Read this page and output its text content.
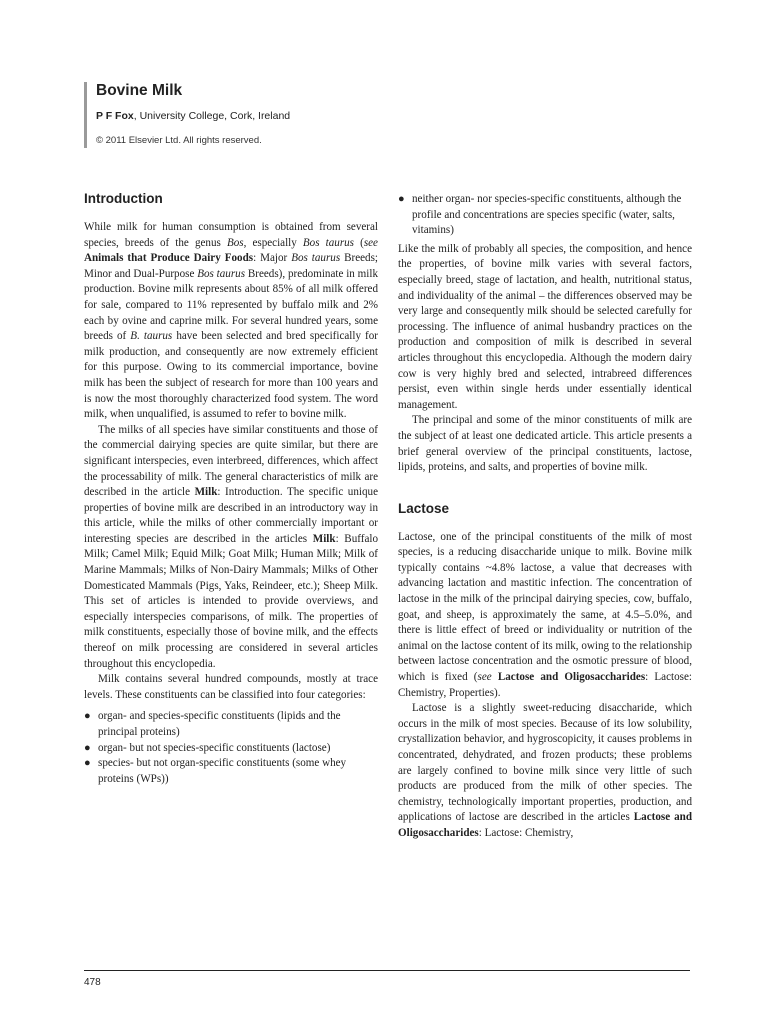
Bovine Milk

P F Fox, University College, Cork, Ireland

© 2011 Elsevier Ltd. All rights reserved.

Introduction

While milk for human consumption is obtained from several species, breeds of the genus Bos, especially Bos taurus (see Animals that Produce Dairy Foods: Major Bos taurus Breeds; Minor and Dual-Purpose Bos taurus Breeds), predominate in milk production. Bovine milk represents about 85% of all milk offered for sale, compared to 11% represented by buffalo milk and 2% each by ovine and caprine milk. For several hundred years, some breeds of B. taurus have been selected and bred specifically for milk production, and consequently are now extremely efficient for this purpose. Owing to its commercial importance, bovine milk has been the subject of research for more than 100 years and is now the most thoroughly characterized food system. The word milk, when unqualified, is assumed to refer to bovine milk.

The milks of all species have similar constituents and those of the commercial dairying species are quite similar, but there are significant interspecies, even interbreed, differences, which affect the processability of milk. The general characteristics of milk are described in the article Milk: Introduction. The specific unique properties of bovine milk are described in an introductory way in this article, while the milks of other commercially important or interesting species are described in the articles Milk: Buffalo Milk; Camel Milk; Equid Milk; Goat Milk; Human Milk; Milk of Marine Mammals; Milks of Non-Dairy Mammals; Milks of Other Domesticated Mammals (Pigs, Yaks, Reindeer, etc.); Sheep Milk. This set of articles is intended to provide overviews, and especially interspecies comparisons, of milk. The properties of milk constituents, especially those of bovine milk, and the effects thereof on milk processing are considered in several articles throughout this encyclopedia.

Milk contains several hundred compounds, mostly at trace levels. These constituents can be classified into four categories:

● organ- and species-specific constituents (lipids and the principal proteins)
● organ- but not species-specific constituents (lactose)
● species- but not organ-specific constituents (some whey proteins (WPs))
● neither organ- nor species-specific constituents, although the profile and concentrations are species specific (water, salts, vitamins)

Like the milk of probably all species, the composition, and hence the properties, of bovine milk varies with several factors, especially breed, stage of lactation, and health, nutritional status, and individuality of the animal – the differences observed may be very large and consequently milk should be selected carefully for processing. The influence of animal husbandry practices on the production and composition of milk is described in several articles throughout this encyclopedia. Although the modern dairy cow is very highly bred and selected, intrabreed differences persist, even within single herds under essentially identical management.

The principal and some of the minor constituents of milk are the subject of at least one dedicated article. This article presents a brief general overview of the principal constituents, lactose, lipids, proteins, and salts, and properties of bovine milk.

Lactose

Lactose, one of the principal constituents of the milk of most species, is a reducing disaccharide unique to milk. Bovine milk typically contains ~4.8% lactose, a value that decreases with advancing lactation and mastitic infection. The concentration of lactose in the milk of the principal dairying species, cow, buffalo, goat, and sheep, is approximately the same, at 4.5–5.0%, and there is little effect of breed or individuality or nutrition of the animal on the lactose content of its milk, owing to the relationship between lactose concentration and the osmotic pressure of blood, which is fixed (see Lactose and Oligosaccharides: Lactose: Chemistry, Properties).

Lactose is a slightly sweet-reducing disaccharide, which occurs in the milk of most species. Because of its low solubility, crystallization behavior, and hygroscopicity, it causes problems in concentrated, dehydrated, and frozen products; these problems are largely confined to bovine milk since very little of such products are produced from the milk of other species. The chemistry, technologically important properties, production, and applications of lactose are described in the articles Lactose and Oligosaccharides: Lactose: Chemistry,

478
